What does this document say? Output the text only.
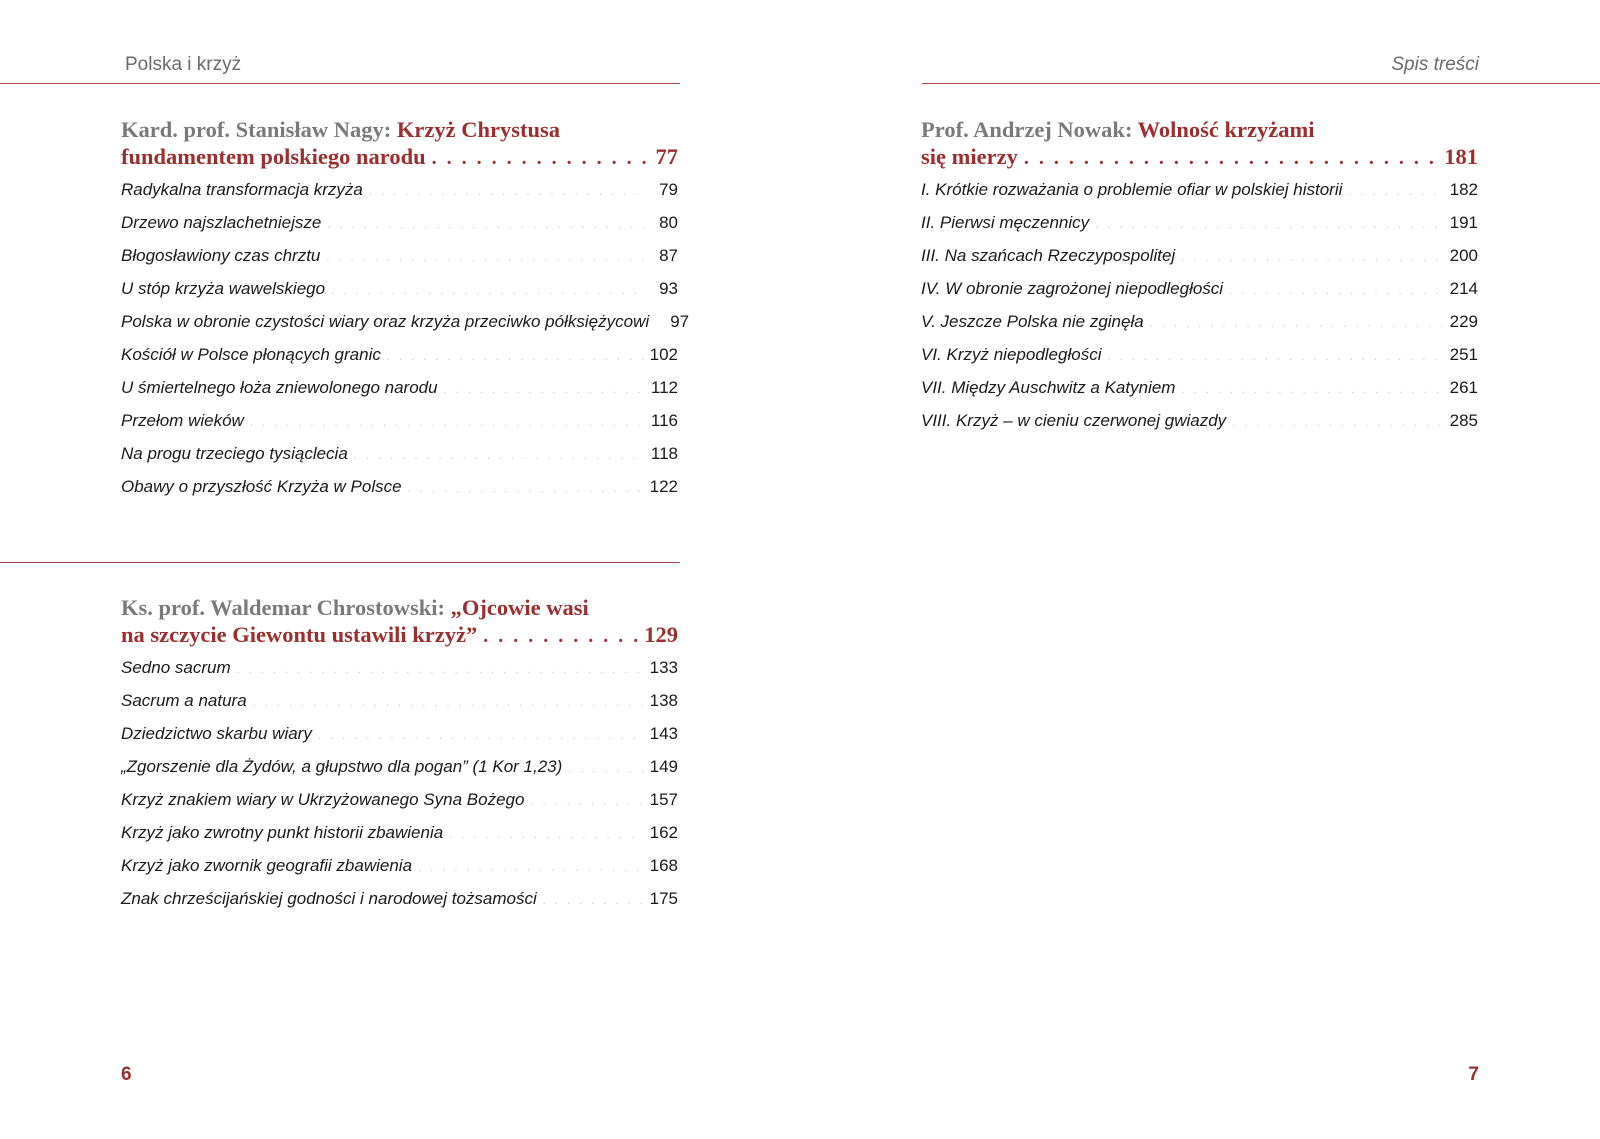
Polska i krzyż	Spis treści
Kard. prof. Stanisław Nagy: Krzyż Chrystusa
fundamentem polskiego narodu . . .	77
Radykalna transformacja krzyża . . .	79
Drzewo najszlachetniejsze . . .	80
Błogosławiony czas chrztu . . .	87
U stóp krzyża wawelskiego . . .	93
Polska w obronie czystości wiary oraz krzyża przeciwko półksiężycowi	97
Kościół w Polsce płonących granic . . .	102
U śmiertelnego łoża zniewolonego narodu . . .	112
Przełom wieków . . .	116
Na progu trzeciego tysiąclecia . . .	118
Obawy o przyszłość Krzyża w Polsce . . .	122
Ks. prof. Waldemar Chrostowski: „Ojcowie wasi
na szczycie Giewontu ustawili krzyż” . . .	129
Sedno sacrum . . .	133
Sacrum a natura . . .	138
Dziedzictwo skarbu wiary . . .	143
„Zgorszenie dla Żydów, a głupstwo dla pogan” (1 Kor 1,23) . . .	149
Krzyż znakiem wiary w Ukrzyżowanego Syna Bożego . . .	157
Krzyż jako zwrotny punkt historii zbawienia . . .	162
Krzyż jako zwornik geografii zbawienia . . .	168
Znak chrześcijańskiej godności i narodowej tożsamości . . .	175
Prof. Andrzej Nowak: Wolność krzyżami
się mierzy . . .	181
I. Krótkie rozważania o problemie ofiar w polskiej historii . . .	182
II. Pierwsi męczennicy . . .	191
III. Na szańcach Rzeczypospolitej . . .	200
IV. W obronie zagrożonej niepodległości . . .	214
V. Jeszcze Polska nie zginęła . . .	229
VI. Krzyż niepodległości . . .	251
VII. Między Auschwitz a Katyniem . . .	261
VIII. Krzyż – w cieniu czerwonej gwiazdy . . .	285
6	7
